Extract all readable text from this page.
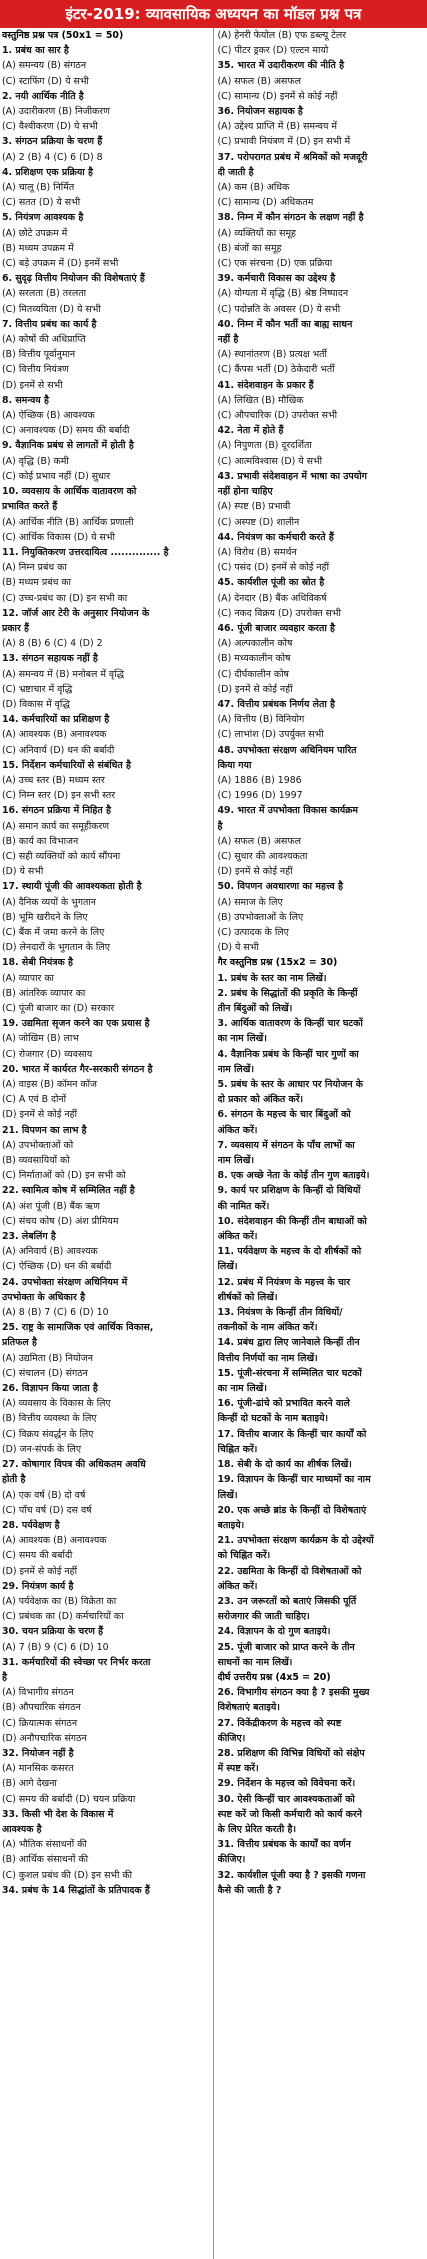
इंटर-2019: व्यावसायिक अध्ययन का मॉडल प्रश्न पत्र
वस्तुनिष्ठ प्रश्न पत्र (50x1 = 50)
1. प्रबंध का सार है
(A) समन्वय (B) संगठन
(C) स्टाफिंग (D) ये सभी
2. नयी आर्थिक नीति है
(A) उदारीकरण (B) निजीकरण
(C) वैश्वीकरण (D) ये सभी
3. संगठन प्रक्रिया के चरण हैं
(A) 2 (B) 4 (C) 6 (D) 8
4. प्रशिक्षण एक प्रक्रिया है
(A) चालू (B) निर्मित
(C) सतत (D) ये सभी
5. नियंत्रण आवश्यक है
(A) छोटे उपक्रम में
(B) मध्यम उपक्रम में
(C) बड़े उपक्रम में (D) इनमें सभी
6. सुदृढ़ वित्तीय नियोजन की विशेषताएं हैं
(A) सरलता (B) तरलता
(C) मितव्ययिता (D) ये सभी
7. वित्तीय प्रबंध का कार्य है
(A) कोषों की अधिप्राप्ति
(B) वित्तीय पूर्वानुमान
(C) वित्तीय नियंत्रण
(D) इनमें से सभी
8. समन्वय है
(A) ऐच्छिक (B) आवश्यक
(C) अनावश्यक (D) समय की बर्बादी
9. वैज्ञानिक प्रबंध से लागतों में होती है
(A) वृद्धि (B) कमी
(C) कोई प्रभाव नहीं (D) सुधार
10. व्यवसाय के आर्थिक वातावरण को
प्रभावित करते हैं
(A) आर्थिक नीति (B) आर्थिक प्रणाली
(C) आर्थिक विकास (D) ये सभी
11. नियुक्तिकरण उत्तरदायित्व .............. है
(A) निम्न प्रबंध का
(B) मध्यम प्रबंध का
(C) उच्च-प्रबंध का (D) इन सभी का
12. जॉर्ज आर टेरी के अनुसार नियोजन के
प्रकार हैं
(A) 8 (B) 6 (C) 4 (D) 2
13. संगठन सहायक नहीं है
(A) समन्वय में (B) मनोबल में वृद्धि
(C) भ्रष्टाचार में वृद्धि
(D) विकास में वृद्धि
14. कर्मचारियों का प्रशिक्षण है
(A) आवश्यक (B) अनावश्यक
(C) अनिवार्य (D) धन की बर्बादी
15. निर्देशन कर्मचारियों से संबंधित है
(A) उच्च स्तर (B) मध्यम स्तर
(C) निम्न स्तर (D) इन सभी स्तर
16. संगठन प्रक्रिया में निहित है
(A) समान कार्य का समूहीकरण
(B) कार्य का विभाजन
(C) सही व्यक्तियों को कार्य सौंपना
(D) ये सभी
17. स्थायी पूंजी की आवश्यकता होती है
(A) दैनिक व्ययों के भुगतान
(B) भूमि खरीदने के लिए
(C) बैंक में जमा करने के लिए
(D) लेनदारों के भुगतान के लिए
18. सेबी नियंत्रक है
(A) व्यापार का
(B) आंतरिक व्यापार का
(C) पूंजी बाजार का (D) सरकार
19. उद्यमिता सृजन करने का एक प्रयास है
(A) जोखिम (B) लाभ
(C) रोजगार (D) व्यवसाय
20. भारत में कार्यरत गैर-सरकारी संगठन है
(A) वाइस (B) कॉमन कॉज
(C) A एवं B दोनों
(D) इनमें से कोई नहीं
21. विपणन का लाभ है
(A) उपभोक्ताओं को
(B) व्यवसायियों को
(C) निर्माताओं को (D) इन सभी को
22. स्वामित्व कोष में सम्मिलित नहीं है
(A) अंश पूंजी (B) बैंक ऋण
(C) संचय कोष (D) अंश प्रीमियम
23. लेबलिंग है
(A) अनिवार्य (B) आवश्यक
(C) ऐच्छिक (D) धन की बर्बादी
24. उपभोक्ता संरक्षण अधिनियम में
उपभोक्ता के अधिकार है
(A) 8 (B) 7 (C) 6 (D) 10
25. राष्ट्र के सामाजिक एवं आर्थिक विकास,
प्रतिफल है
(A) उद्यमिता (B) नियोजन
(C) संचालन (D) संगठन
26. विज्ञापन किया जाता है
(A) व्यवसाय के विकास के लिए
(B) वित्तीय व्यवस्था के लिए
(C) विक्रय संवर्द्धन के लिए
(D) जन-संपर्क के लिए
27. कोषागार विपत्र की अधिकतम अवधि
होती है
(A) एक वर्ष (B) दो वर्ष
(C) पाँच वर्ष (D) दस वर्ष
28. पर्यवेक्षण है
(A) आवश्यक (B) अनावश्यक
(C) समय की बर्बादी
(D) इनमें से कोई नहीं
29. नियंत्रण कार्य है
(A) पर्यवेक्षक का (B) विक्रेता का
(C) प्रबंधक का (D) कर्मचारियों का
30. चयन प्रक्रिया के चरण हैं
(A) 7 (B) 9 (C) 6 (D) 10
31. कर्मचारियों की स्वेच्छा पर निर्भर करता
है
(A) विभागीय संगठन
(B) औपचारिक संगठन
(C) क्रियात्मक संगठन
(D) अनौपचारिक संगठन
32. नियोजन नहीं है
(A) मानसिक कसरत
(B) आगे देखना
(C) समय की बर्बादी (D) चयन प्रक्रिया
33. किसी भी देश के विकास में
आवश्यक है
(A) भौतिक संसाधनों की
(B) आर्थिक संसाधनों की
(C) कुशल प्रबंध की (D) इन सभी की
34. प्रबंध के 14 सिद्धांतों के प्रतिपादक हैं
(A) हेनरी फेयोल (B) एफ डब्ल्यू टेलर
(C) पीटर ड्रकर (D) एल्टन मायो
35. भारत में उदारीकरण की नीति है
(A) सफल (B) असफल
(C) सामान्य (D) इनमें से कोई नहीं
36. नियोजन सहायक है
(A) उद्देश्य प्राप्ति में (B) समन्वय में
(C) प्रभावी नियंत्रण में (D) इन सभी में
37. परोपरागत प्रबंध में श्रमिकों को मजदूरी
दी जाती है
(A) कम (B) अधिक
(C) सामान्य (D) अधिकतम
38. निम्न में कौन संगठन के लक्षण नहीं है
(A) व्यक्तियों का समूह
(B) बंजों का समूह
(C) एक संरचना (D) एक प्रक्रिया
39. कर्मचारी विकास का उद्देश्य है
(A) योग्यता में वृद्धि (B) श्रेष्ठ निष्पादन
(C) पदोन्नति के अवसर (D) ये सभी
40. निम्न में कौन भर्ती का बाह्य साधन
नहीं है
(A) स्थानांतरण (B) प्रत्यक्ष भर्ती
(C) कैंपस भर्ती (D) ठेकेदारी भर्ती
41. संदेशवाहन के प्रकार हैं
(A) लिखित (B) मौखिक
(C) औपचारिक (D) उपरोक्त सभी
42. नेता में होते हैं
(A) निपुणता (B) दूरदर्शिता
(C) आत्मविश्वास (D) ये सभी
43. प्रभावी संदेशवाहन में भाषा का उपयोग
नहीं होना चाहिए
(A) स्पष्ट (B) प्रभावी
(C) अस्पष्ट (D) शालीन
44. नियंत्रण का कर्मचारी करते हैं
(A) विरोध (B) समर्थन
(C) पसंद (D) इनमें से कोई नहीं
45. कार्यशील पूंजी का स्रोत है
(A) देनदार (B) बैंक अधिविकर्ष
(C) नकद विक्रय (D) उपरोक्त सभी
46. पूंजी बाजार व्यवहार करता है
(A) अल्पकालीन कोष
(B) मध्यकालीन कोष
(C) दीर्घकालीन कोष
(D) इनमें से कोई नहीं
47. वित्तीय प्रबंधक निर्णय लेता है
(A) वित्तीय (B) विनियोग
(C) लाभांश (D) उपर्युक्त सभी
48. उपभोक्ता संरक्षण अधिनियम पारित
किया गया
(A) 1886 (B) 1986
(C) 1996 (D) 1997
49. भारत में उपभोक्ता विकास कार्यक्रम
है
(A) सफल (B) असफल
(C) सुधार की आवश्यकता
(D) इनमें से कोई नहीं
50. विपणन अवधारणा का महत्त्व है
(A) समाज के लिए
(B) उपभोक्ताओं के लिए
(C) उत्पादक के लिए
(D) ये सभी
गैर वस्तुनिष्ठ प्रश्न (15x2 = 30)
1. प्रबंध के स्तर का नाम लिखें।
2. प्रबंध के सिद्धांतों की प्रकृति के किन्हीं
तीन बिंदुओं को लिखें।
3. आर्थिक वातावरण के किन्हीं चार घटकों
का नाम लिखें।
4. वैज्ञानिक प्रबंध के किन्हीं चार गुणों का
नाम लिखें।
5. प्रबंध के स्तर के आधार पर नियोजन के
दो प्रकार को अंकित करें।
6. संगठन के महत्त्व के चार बिंदुओं को
अंकित करें।
7. व्यवसाय में संगठन के पाँच लाभों का
नाम लिखें।
8. एक अच्छे नेता के कोई तीन गुण बताइये।
9. कार्य पर प्रशिक्षण के किन्हीं दो विधियों
की नामित करें।
10. संदेशवाहन की किन्हीं तीन बाधाओं को
अंकित करें।
11. पर्यवेक्षण के महत्त्व के दो शीर्षकों को
लिखें।
12. प्रबंध में नियंत्रण के महत्त्व के चार
शीर्षकों को लिखें।
13. नियंत्रण के किन्हीं तीन विधियों/
तकनीकों के नाम अंकित करें।
14. प्रबंध द्वारा लिए जानेवाले किन्हीं तीन
वित्तीय निर्णयों का नाम लिखें।
15. पूंजी-संरचना में सम्मिलित चार घटकों
का नाम लिखें।
16. पूंजी-ढांचे को प्रभावित करने वाले
किन्हीं दो घटकों के नाम बताइये।
17. वित्तीय बाजार के किन्हीं चार कार्यों को
चिह्नित करें।
18. सेबी के दो कार्य का शीर्षक लिखें।
19. विज्ञापन के किन्हीं चार माध्यमों का नाम
लिखें।
20. एक अच्छे ब्रांड के किन्हीं दो विशेषताएं
बताइये।
21. उपभोक्ता संरक्षण कार्यक्रम के दो उद्देश्यों
को चिह्नित करें।
22. उद्यमिता के किन्हीं दो विशेषताओं को
अंकित करें।
23. उन जरूरतों को बताएं जिसकी पूर्ति
सरोजगार की जाती चाहिए।
24. विज्ञापन के दो गुण बताइये।
25. पूंजी बाजार को प्राप्त करने के तीन
साधनों का नाम लिखें।
दीर्घ उत्तरीय प्रश्न (4x5 = 20)
26. विभागीय संगठन क्या है ? इसकी मुख्य
विशेषताएं बताइये।
27. विकेंद्रीकरण के महत्त्व को स्पष्ट
कीजिए।
28. प्रशिक्षण की विभिन्न विधियों को संक्षेप
में स्पष्ट करें।
29. निर्देशन के महत्त्व को विवेचना करें।
30. ऐसी किन्हीं चार आवश्यकताओं को
स्पष्ट करें जो किसी कर्मचारी को कार्य करने
के लिए प्रेरित करती है।
31. वित्तीय प्रबंधक के कार्यों का वर्णन
कीजिए।
32. कार्यशील पूंजी क्या है ? इसकी गणना
कैसे की जाती है ?
